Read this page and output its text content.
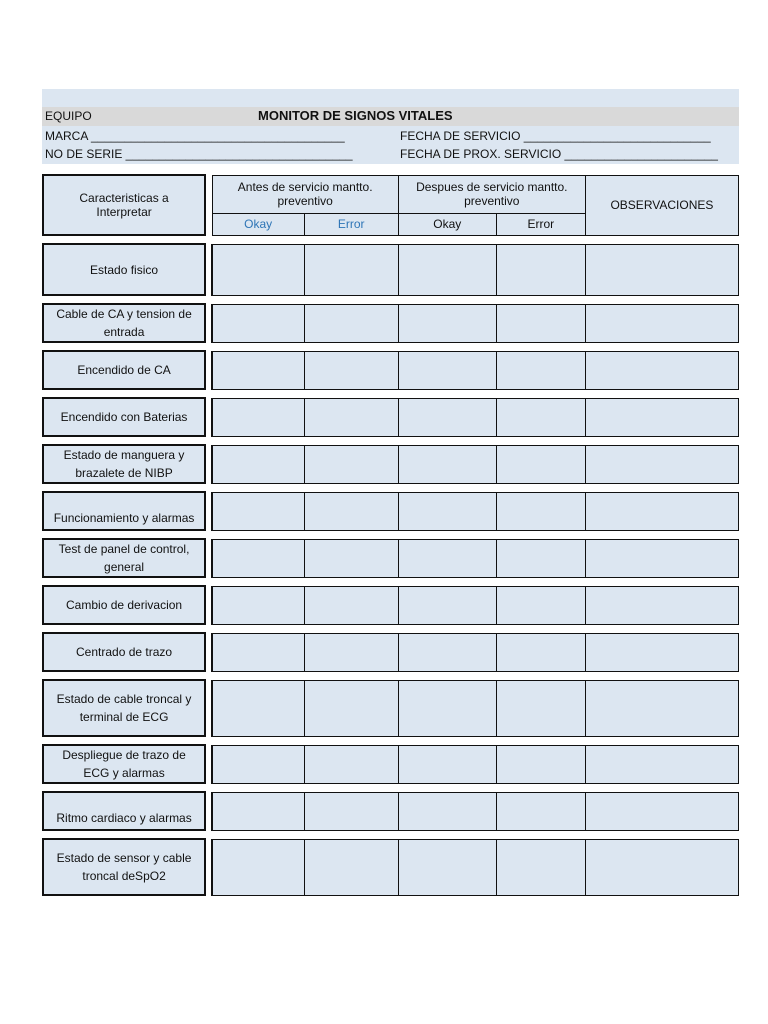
EQUIPO	MONITOR DE SIGNOS VITALES
MARCA ______________________________________
NO DE SERIE __________________________________
FECHA DE SERVICIO ____________________________
FECHA DE PROX. SERVICIO _______________________
Caracteristicas a Interpretar		Antes de servicio mantto. preventivo		Despues de servicio mantto. preventivo		OBSERVACIONES
		Okay	Error	Okay	Error	
Estado fisico						
Cable de CA y tension de entrada						
Encendido de CA						
Encendido con Baterias						
Estado de manguera y brazalete de NIBP						
Funcionamiento y alarmas						
Test de panel de control, general						
Cambio de derivacion						
Centrado de trazo						
Estado de cable troncal y terminal de ECG						
Despliegue de trazo de ECG y alarmas						
Ritmo cardiaco y alarmas						
Estado de sensor y cable troncal deSpO2						
